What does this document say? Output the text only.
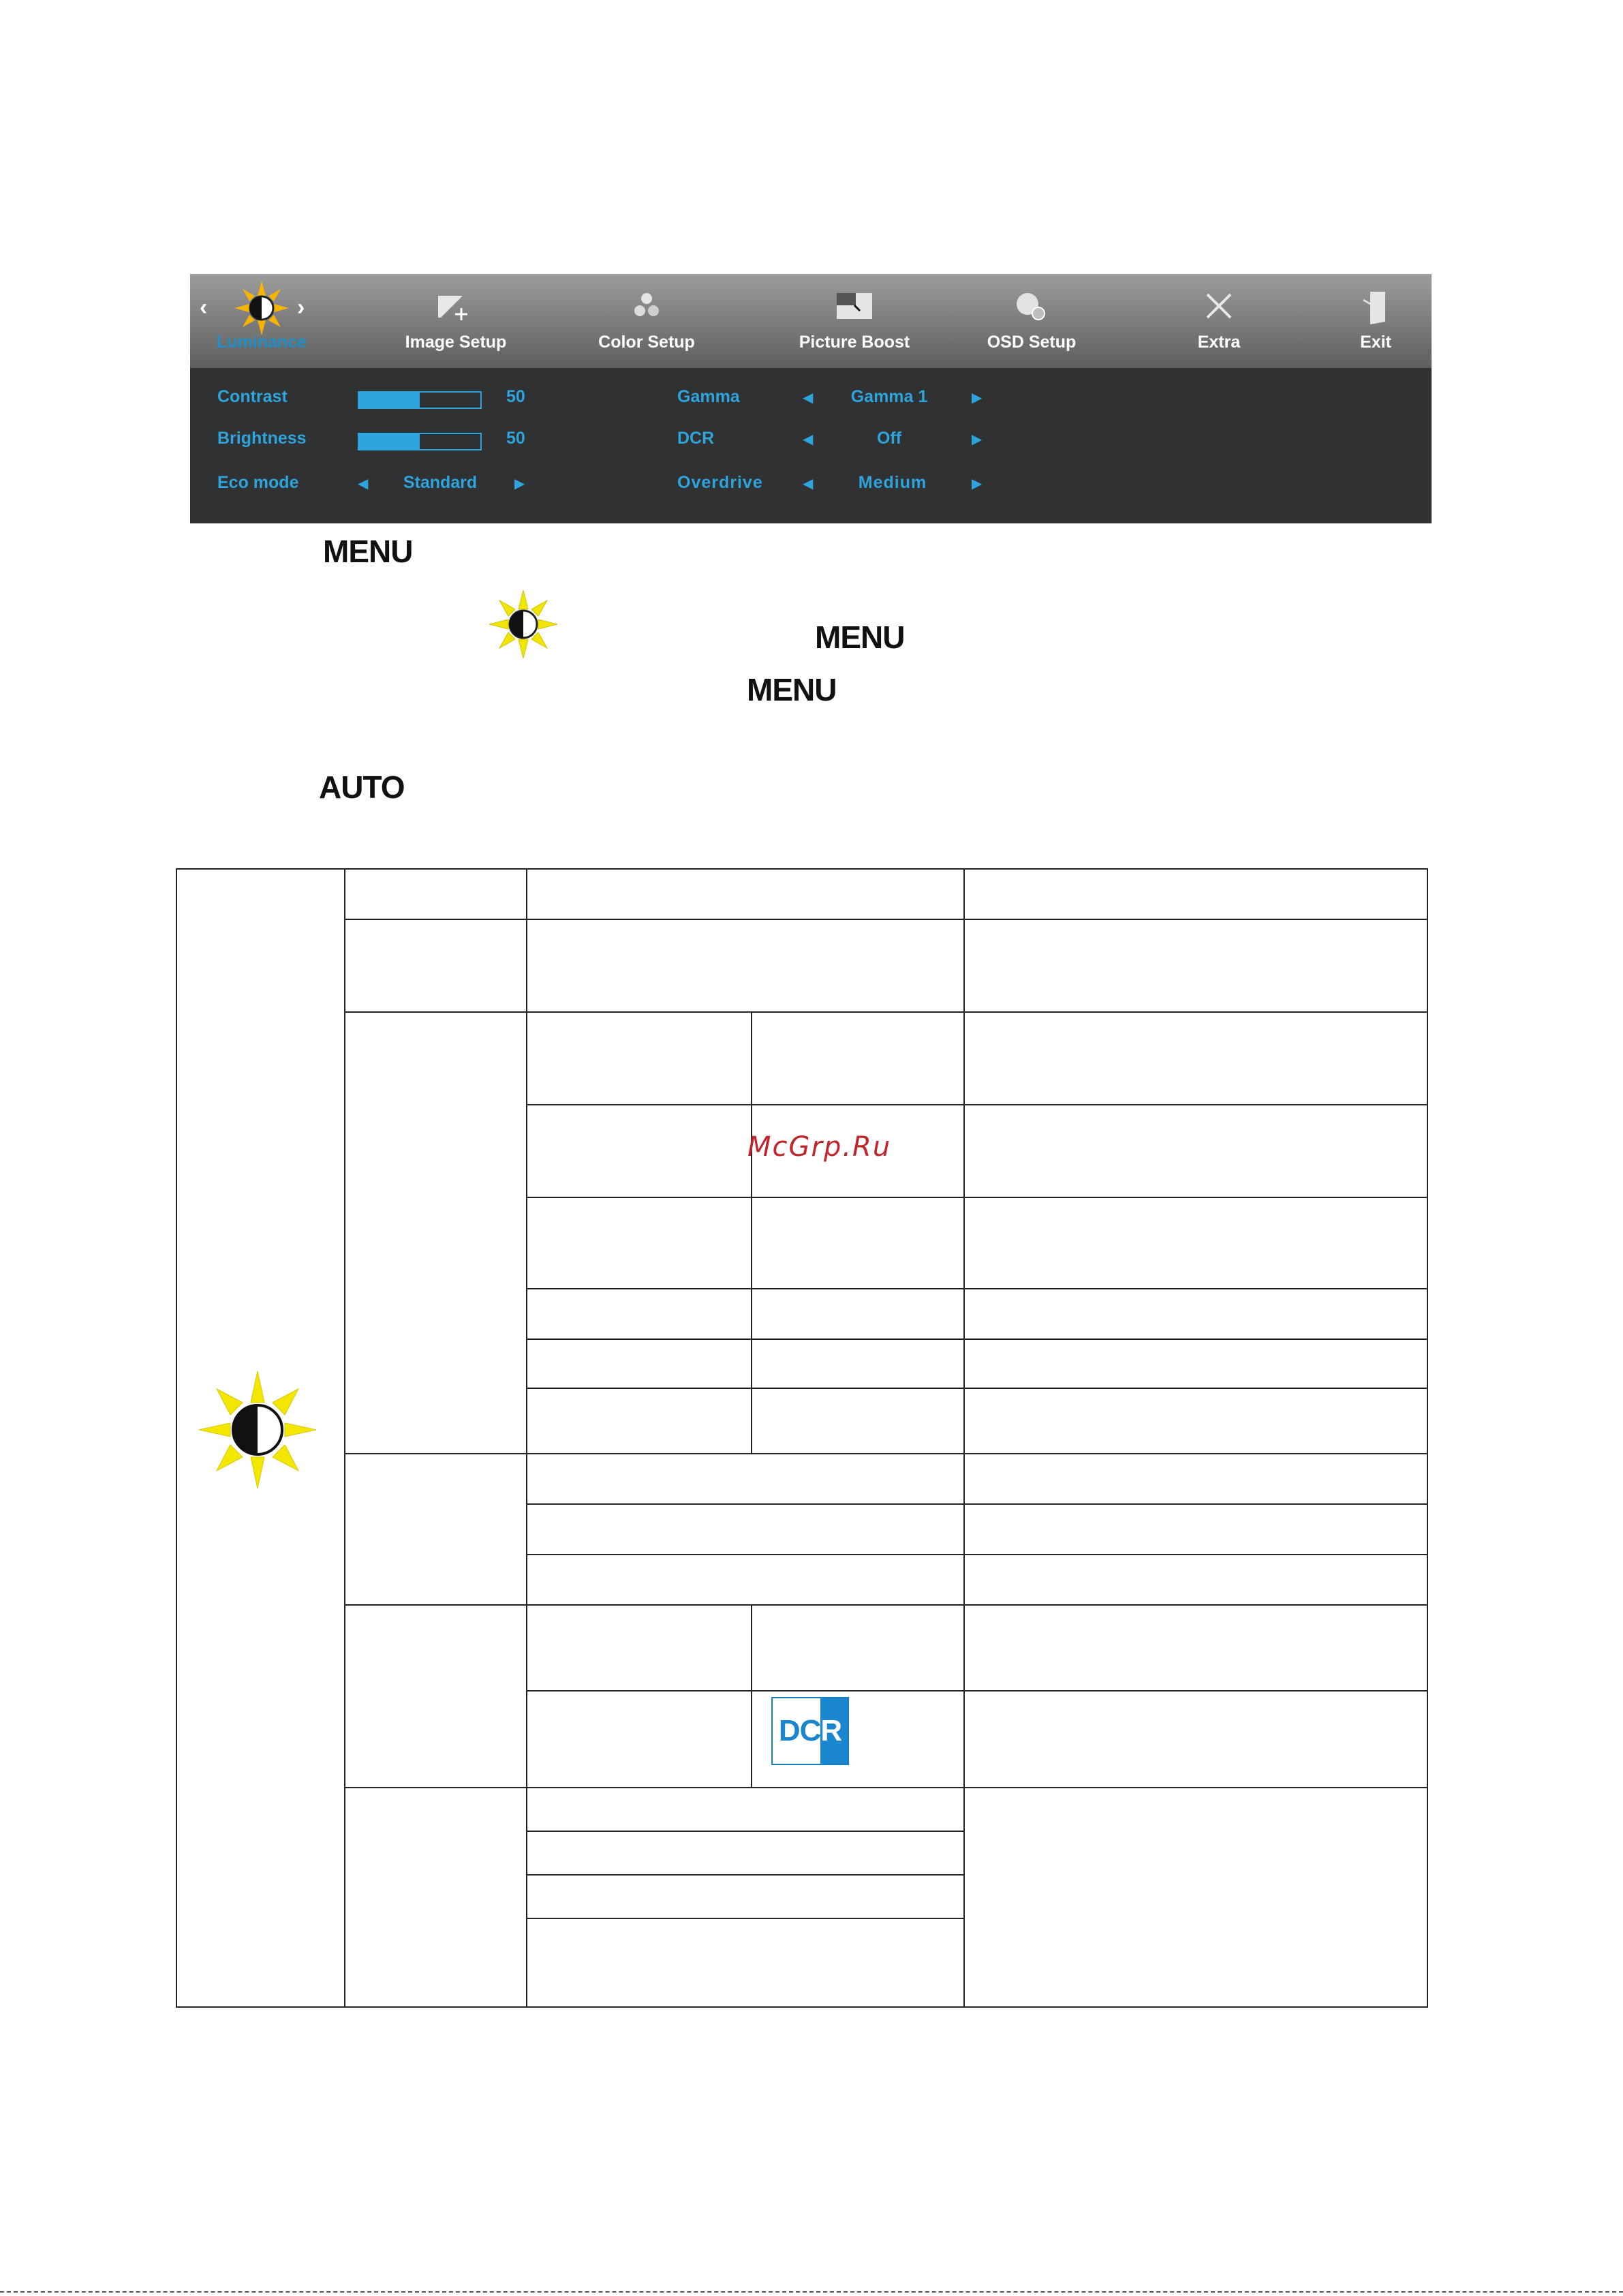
‹	›
Luminance	Image Setup	Color Setup	Picture Boost	OSD Setup	Extra	Exit
Contrast	50
Brightness	50
Eco mode	◀	Standard	▶
Gamma	◀	Gamma 1	▶
DCR	◀	Off	▶
Overdrive	◀	Medium	▶
MENU
MENU
MENU
AUTO
D C R
McGrp.Ru
